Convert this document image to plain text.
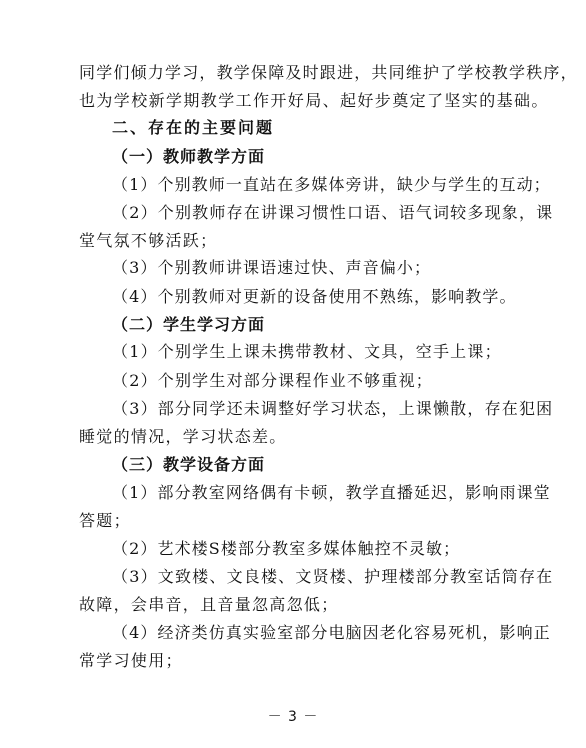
同学们倾力学习，教学保障及时跟进，共同维护了学校教学秩序，
也为学校新学期教学工作开好局、起好步奠定了坚实的基础。
二、存在的主要问题
（一）教师教学方面
（1）个别教师一直站在多媒体旁讲，缺少与学生的互动；
（2）个别教师存在讲课习惯性口语、语气词较多现象，课
堂气氛不够活跃；
（3）个别教师讲课语速过快、声音偏小；
（4）个别教师对更新的设备使用不熟练，影响教学。
（二）学生学习方面
（1）个别学生上课未携带教材、文具，空手上课；
（2）个别学生对部分课程作业不够重视；
（3）部分同学还未调整好学习状态，上课懒散，存在犯困
睡觉的情况，学习状态差。
（三）教学设备方面
（1）部分教室网络偶有卡顿，教学直播延迟，影响雨课堂
答题；
（2）艺术楼S楼部分教室多媒体触控不灵敏；
（3）文致楼、文良楼、文贤楼、护理楼部分教室话筒存在
故障，会串音，且音量忽高忽低；
（4）经济类仿真实验室部分电脑因老化容易死机，影响正
常学习使用；
－ 3 －
